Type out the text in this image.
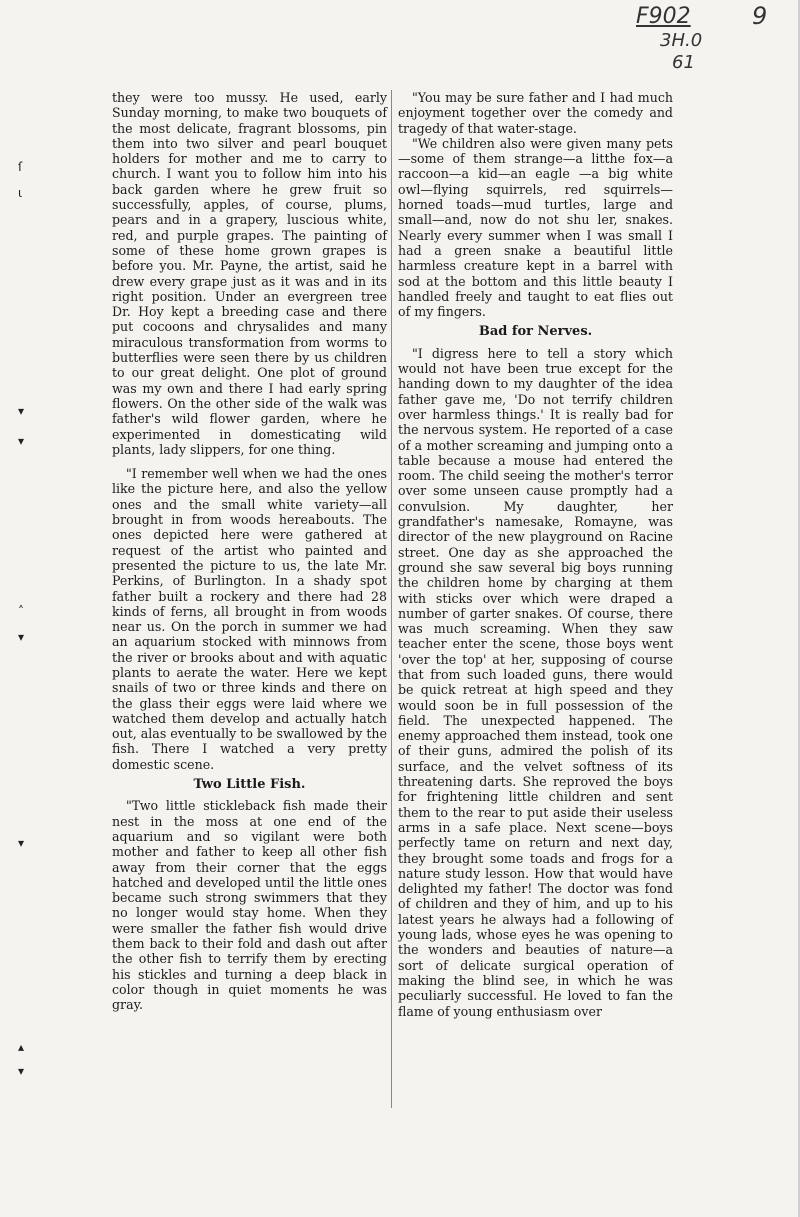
F902
3H.0
61
9
ſ
ɩ
▾
▾
˄
▾
▾
▴
▾

they were too mussy. He used, early Sunday morning, to make two bouquets of the most delicate, fragrant blossoms, pin them into two silver and pearl bouquet holders for mother and me to carry to church. I want you to follow him into his back garden where he grew fruit so successfully, apples, of course, plums, pears and in a grapery, luscious white, red, and purple grapes. The painting of some of these home grown grapes is before you. Mr. Payne, the artist, said he drew every grape just as it was and in its right position. Under an evergreen tree Dr. Hoy kept a breeding case and there put cocoons and chrysalides and many miraculous transformation from worms to butterflies were seen there by us children to our great delight. One plot of ground was my own and there I had early spring flowers. On the other side of the walk was father's wild flower garden, where he experimented in domesticating wild plants, lady slippers, for one thing.

"I remember well when we had the ones like the picture here, and also the yellow ones and the small white variety—all brought in from woods hereabouts. The ones depicted here were gathered at request of the artist who painted and presented the picture to us, the late Mr. Perkins, of Burlington. In a shady spot father built a rockery and there had 28 kinds of ferns, all brought in from woods near us. On the porch in summer we had an aquarium stocked with minnows from the river or brooks about and with aquatic plants to aerate the water. Here we kept snails of two or three kinds and there on the glass their eggs were laid where we watched them develop and actually hatch out, alas eventually to be swallowed by the fish. There I watched a very pretty domestic scene.

Two Little Fish.

"Two little stickleback fish made their nest in the moss at one end of the aquarium and so vigilant were both mother and father to keep all other fish away from their corner that the eggs hatched and developed until the little ones became such strong swimmers that they no longer would stay home. When they were smaller the father fish would drive them back to their fold and dash out after the other fish to terrify them by erecting his stickles and turning a deep black in color though in quiet moments he was gray.

"You may be sure father and I had much enjoyment together over the comedy and tragedy of that water-stage.

"We children also were given many pets—some of them strange—a litthe fox—a raccoon—a kid—an eagle —a big white owl—flying squirrels, red squirrels—horned toads—mud turtles, large and small—and, now do not shu ler, snakes. Nearly every summer when I was small I had a green snake a beautiful little harmless creature kept in a barrel with sod at the bottom and this little beauty I handled freely and taught to eat flies out of my fingers.

Bad for Nerves.

"I digress here to tell a story which would not have been true except for the handing down to my daughter of the idea father gave me, 'Do not terrify children over harmless things.' It is really bad for the nervous system. He reported of a case of a mother screaming and jumping onto a table because a mouse had entered the room. The child seeing the mother's terror over some unseen cause promptly had a convulsion. My daughter, her grandfather's namesake, Romayne, was director of the new playground on Racine street. One day as she approached the ground she saw several big boys running the children home by charging at them with sticks over which were draped a number of garter snakes. Of course, there was much screaming. When they saw teacher enter the scene, those boys went 'over the top' at her, supposing of course that from such loaded guns, there would be quick retreat at high speed and they would soon be in full possession of the field. The unexpected happened. The enemy approached them instead, took one of their guns, admired the polish of its surface, and the velvet softness of its threatening darts. She reproved the boys for frightening little children and sent them to the rear to put aside their useless arms in a safe place. Next scene—boys perfectly tame on return and next day, they brought some toads and frogs for a nature study lesson. How that would have delighted my father! The doctor was fond of children and they of him, and up to his latest years he always had a following of young lads, whose eyes he was opening to the wonders and beauties of nature—a sort of delicate surgical operation of making the blind see, in which he was peculiarly successful. He loved to fan the flame of young enthusiasm over
